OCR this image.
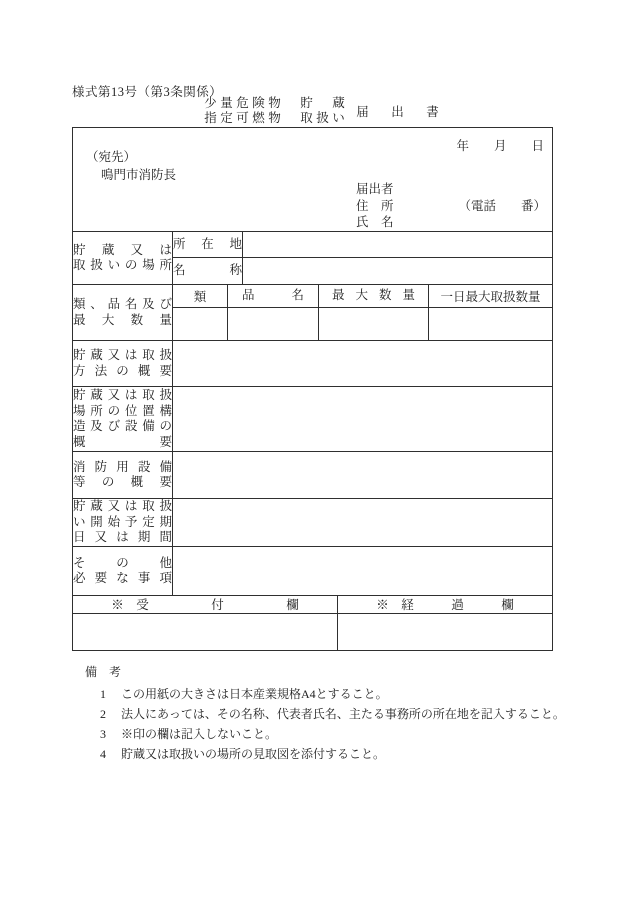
様式第13号（第3条関係）
少量危険物　貯　蔵
指定可燃物　取扱い 届　出　書
年　　月　　日
（宛先）
鳴門市消防長
届出者
住　所	（電話　　番）
氏　名

貯蔵又は
取扱いの場所	所在地					

	名称					

類、品名及び
最大数量	類	品名		最大数量		一日最大取扱数量

貯蔵又は取扱
方法の概要						

貯蔵又は取扱
場所の位置構
造及び設備の
概要						

消防用設備
等の概要						

貯蔵又は取扱
い開始予定期
日又は期間						

その他
必要な事項						

※　受　　　　　付　　　　　欄					※　経　　　過　　　欄	

備　考
1 この用紙の大きさは日本産業規格A4とすること。
2 法人にあっては、その名称、代表者氏名、主たる事務所の所在地を記入すること。
3 ※印の欄は記入しないこと。
4 貯蔵又は取扱いの場所の見取図を添付すること。
